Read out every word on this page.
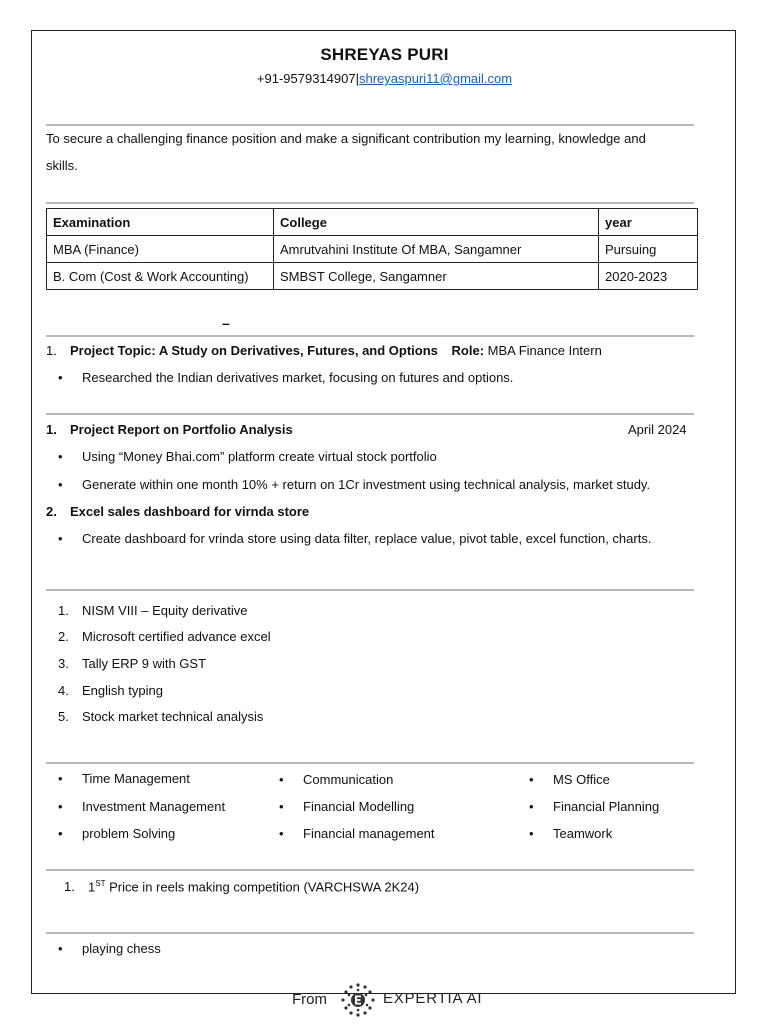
SHREYAS PURI
+91-9579314907|shreyaspuri11@gmail.com
To secure a challenging finance position and make a significant contribution my learning, knowledge and
skills.
Examination	College	year
MBA (Finance)	Amrutvahini Institute Of MBA, Sangamner	Pursuing
B. Com (Cost & Work Accounting)	SMBST College, Sangamner	2020-2023
–
1. Project Topic: A Study on Derivatives, Futures, and Options Role: MBA Finance Intern
• Researched the Indian derivatives market, focusing on futures and options.
1. Project Report on Portfolio Analysis	April 2024
• Using “Money Bhai.com” platform create virtual stock portfolio
• Generate within one month 10% + return on 1Cr investment using technical analysis, market study.
2. Excel sales dashboard for virnda store
• Create dashboard for vrinda store using data filter, replace value, pivot table, excel function, charts.
1. NISM VIII – Equity derivative
2. Microsoft certified advance excel
3. Tally ERP 9 with GST
4. English typing
5. Stock market technical analysis
• Time Management
• Investment Management
• problem Solving
• Communication
• Financial Modelling
• Financial management
• MS Office
• Financial Planning
• Teamwork
1. 1ST Price in reels making competition (VARCHSWA 2K24)
• playing chess
From	EXPERTIA AI
